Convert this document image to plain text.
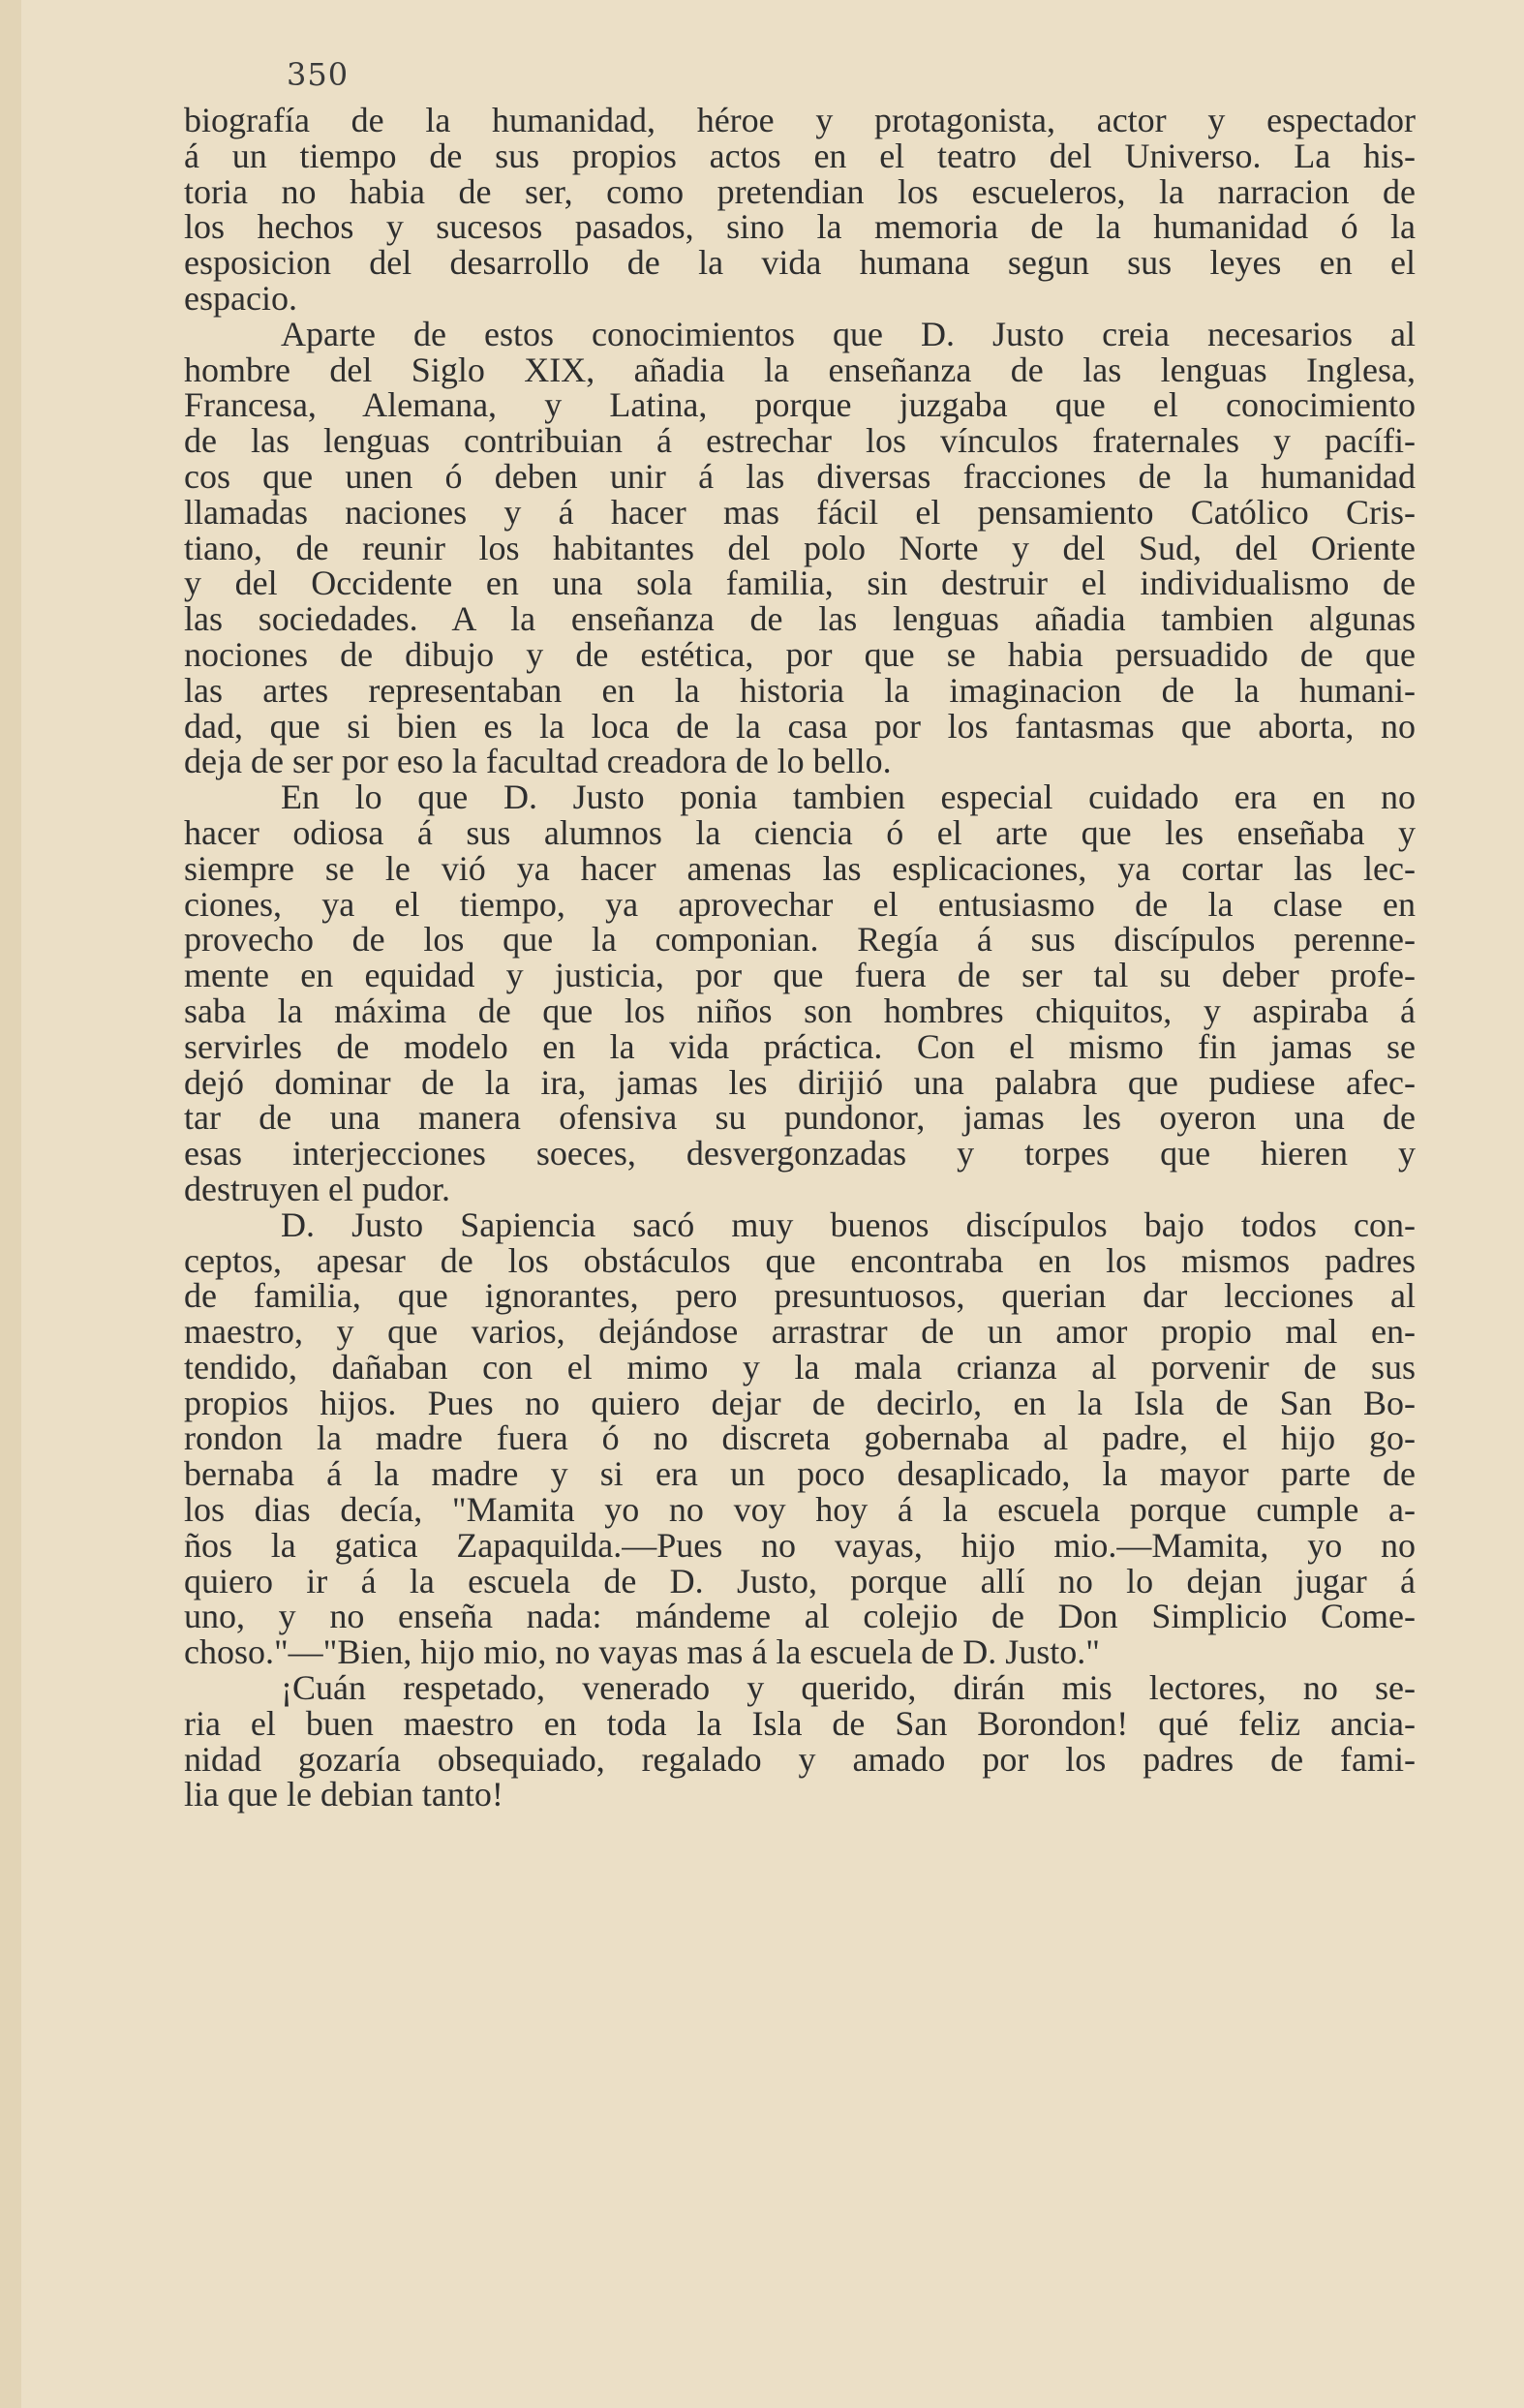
350
biografía de la humanidad, héroe y protagonista, actor y espectador
á un tiempo de sus propios actos en el teatro del Universo. La his-
toria no habia de ser, como pretendian los escueleros, la narracion de
los hechos y sucesos pasados, sino la memoria de la humanidad ó la
esposicion del desarrollo de la vida humana segun sus leyes en el
espacio.
Aparte de estos conocimientos que D. Justo creia necesarios al
hombre del Siglo XIX, añadia la enseñanza de las lenguas Inglesa,
Francesa, Alemana, y Latina, porque juzgaba que el conocimiento
de las lenguas contribuian á estrechar los vínculos fraternales y pacífi-
cos que unen ó deben unir á las diversas fracciones de la humanidad
llamadas naciones y á hacer mas fácil el pensamiento Católico Cris-
tiano, de reunir los habitantes del polo Norte y del Sud, del Oriente
y del Occidente en una sola familia, sin destruir el individualismo de
las sociedades. A la enseñanza de las lenguas añadia tambien algunas
nociones de dibujo y de estética, por que se habia persuadido de que
las artes representaban en la historia la imaginacion de la humani-
dad, que si bien es la loca de la casa por los fantasmas que aborta, no
deja de ser por eso la facultad creadora de lo bello.
En lo que D. Justo ponia tambien especial cuidado era en no
hacer odiosa á sus alumnos la ciencia ó el arte que les enseñaba y
siempre se le vió ya hacer amenas las esplicaciones, ya cortar las lec-
ciones, ya el tiempo, ya aprovechar el entusiasmo de la clase en
provecho de los que la componian. Regía á sus discípulos perenne-
mente en equidad y justicia, por que fuera de ser tal su deber profe-
saba la máxima de que los niños son hombres chiquitos, y aspiraba á
servirles de modelo en la vida práctica. Con el mismo fin jamas se
dejó dominar de la ira, jamas les dirijió una palabra que pudiese afec-
tar de una manera ofensiva su pundonor, jamas les oyeron una de
esas interjecciones soeces, desvergonzadas y torpes que hieren y
destruyen el pudor.
D. Justo Sapiencia sacó muy buenos discípulos bajo todos con-
ceptos, apesar de los obstáculos que encontraba en los mismos padres
de familia, que ignorantes, pero presuntuosos, querian dar lecciones al
maestro, y que varios, dejándose arrastrar de un amor propio mal en-
tendido, dañaban con el mimo y la mala crianza al porvenir de sus
propios hijos. Pues no quiero dejar de decirlo, en la Isla de San Bo-
rondon la madre fuera ó no discreta gobernaba al padre, el hijo go-
bernaba á la madre y si era un poco desaplicado, la mayor parte de
los dias decía, "Mamita yo no voy hoy á la escuela porque cumple a-
ños la gatica Zapaquilda.—Pues no vayas, hijo mio.—Mamita, yo no
quiero ir á la escuela de D. Justo, porque allí no lo dejan jugar á
uno, y no enseña nada: mándeme al colejio de Don Simplicio Come-
choso."—"Bien, hijo mio, no vayas mas á la escuela de D. Justo."
¡Cuán respetado, venerado y querido, dirán mis lectores, no se-
ria el buen maestro en toda la Isla de San Borondon! qué feliz ancia-
nidad gozaría obsequiado, regalado y amado por los padres de fami-
lia que le debian tanto!
